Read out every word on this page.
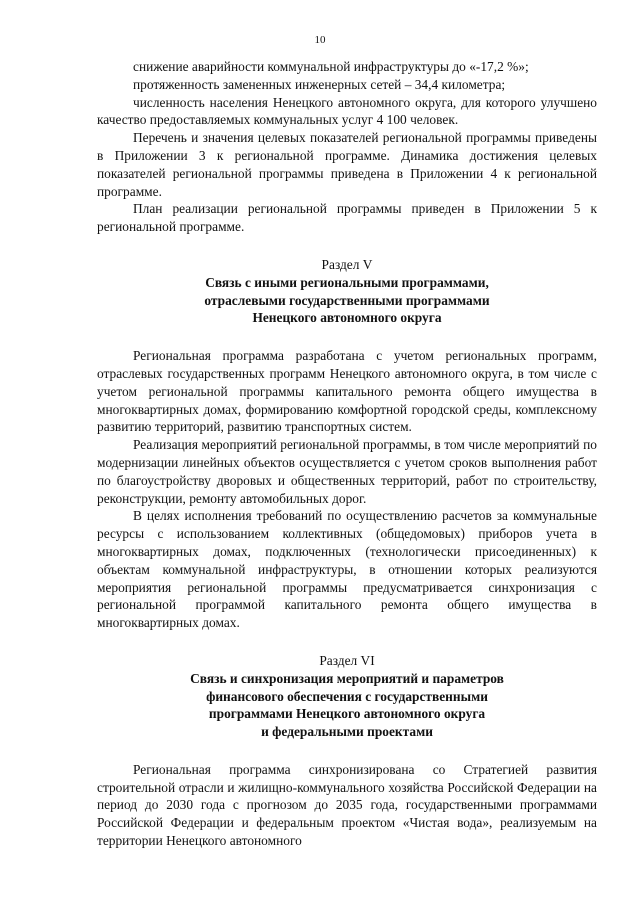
10

снижение аварийности коммунальной инфраструктуры до «-17,2 %»;

протяженность замененных инженерных сетей – 34,4 километра;

численность населения Ненецкого автономного округа, для которого улучшено качество предоставляемых коммунальных услуг 4 100 человек.

Перечень и значения целевых показателей региональной программы приведены в Приложении 3 к региональной программе. Динамика достижения целевых показателей региональной программы приведена в Приложении 4 к региональной программе.

План реализации региональной программы приведен в Приложении 5 к региональной программе.

Раздел V

Связь с иными региональными программами,

отраслевыми государственными программами

Ненецкого автономного округа

Региональная программа разработана с учетом региональных программ, отраслевых государственных программ Ненецкого автономного округа, в том числе с учетом региональной программы капитального ремонта общего имущества в многоквартирных домах, формированию комфортной городской среды, комплексному развитию территорий, развитию транспортных систем.

Реализация мероприятий региональной программы, в том числе мероприятий по модернизации линейных объектов осуществляется с учетом сроков выполнения работ по благоустройству дворовых и общественных территорий, работ по строительству, реконструкции, ремонту автомобильных дорог.

В целях исполнения требований по осуществлению расчетов за коммунальные ресурсы с использованием коллективных (общедомовых) приборов учета в многоквартирных домах, подключенных (технологически присоединенных) к объектам коммунальной инфраструктуры, в отношении которых реализуются мероприятия региональной программы предусматривается синхронизация с региональной программой капитального ремонта общего имущества в многоквартирных домах.

Раздел VI

Связь и синхронизация мероприятий и параметров

финансового обеспечения с государственными

программами Ненецкого автономного округа

и федеральными проектами

Региональная программа синхронизирована со Стратегией развития строительной отрасли и жилищно-коммунального хозяйства Российской Федерации на период до 2030 года с прогнозом до 2035 года, государственными программами Российской Федерации и федеральным проектом «Чистая вода», реализуемым на территории Ненецкого автономного
